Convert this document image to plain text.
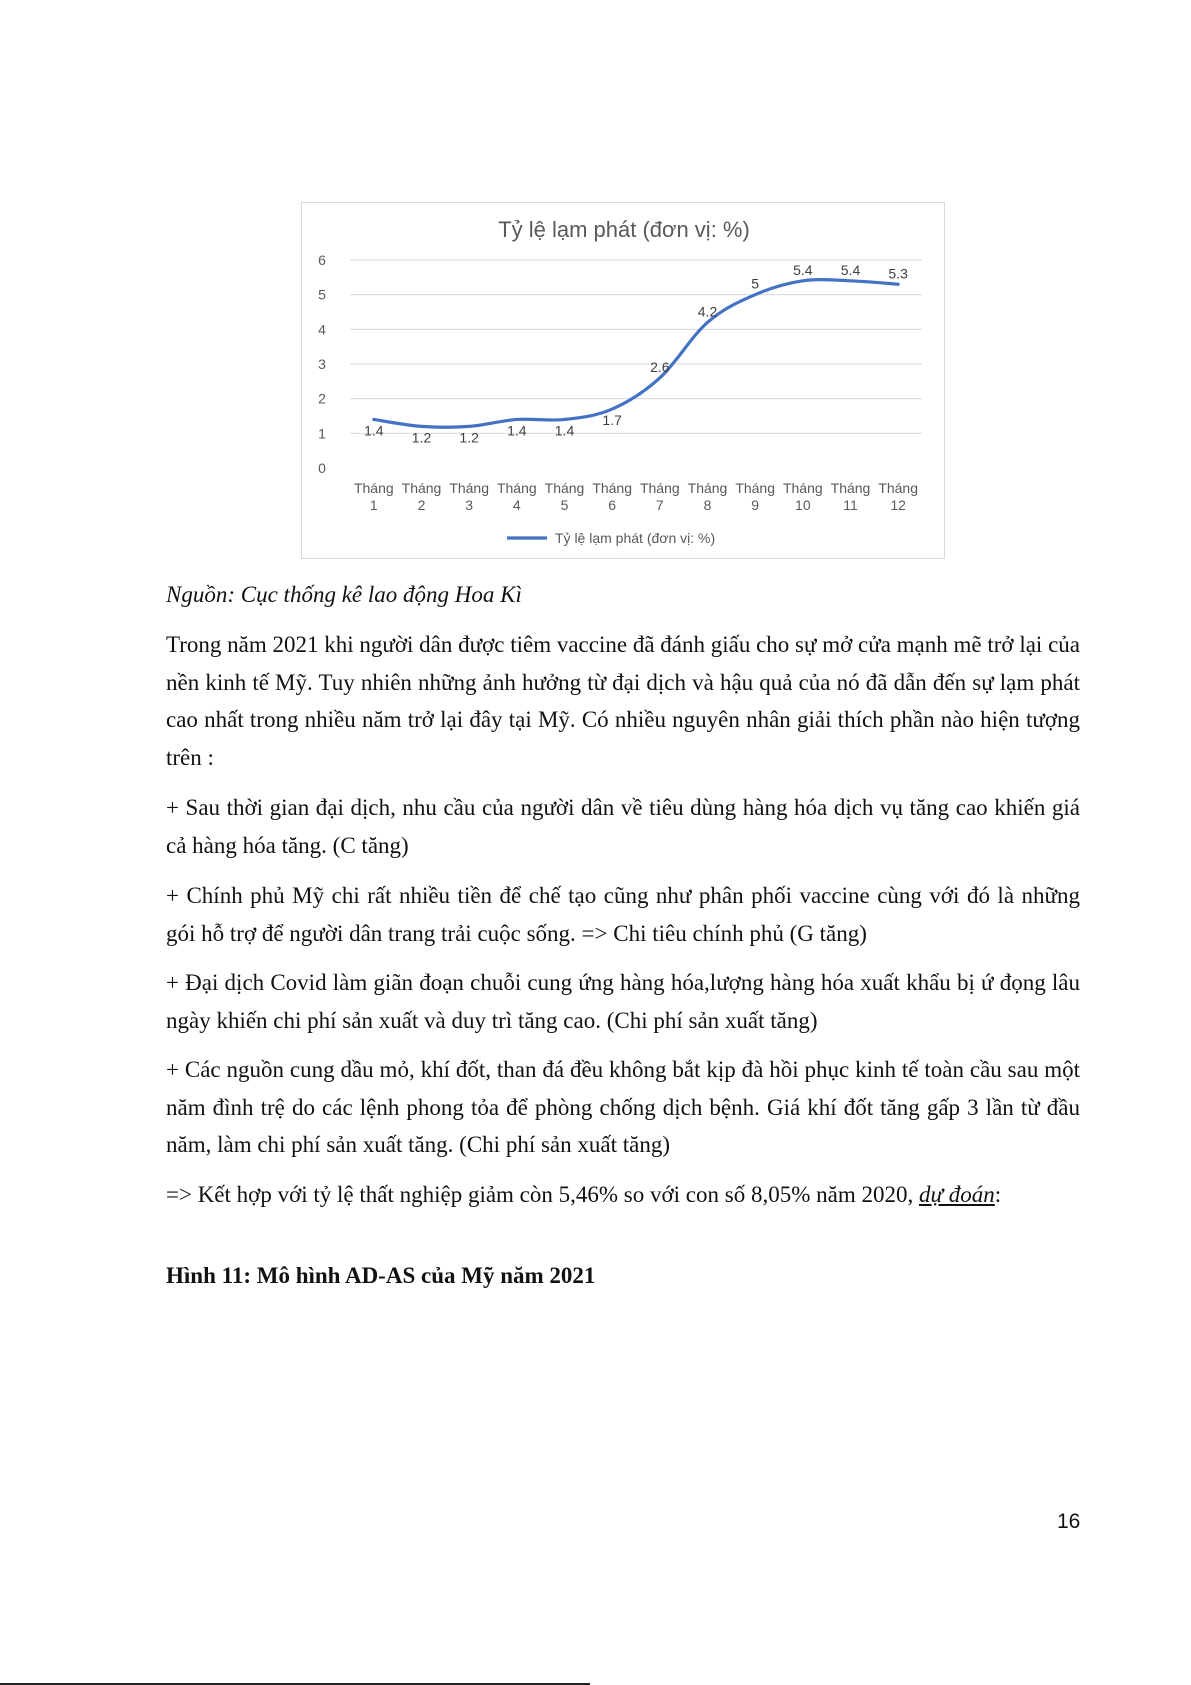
Tỷ lệ lạm phát (đơn vị: %)
0
1
2
3
4
5
6
Tháng
1
Tháng
2
Tháng
3
Tháng
4
Tháng
5
Tháng
6
Tháng
7
Tháng
8
Tháng
9
Tháng
10
Tháng
11
Tháng
12
1.4 1.2 1.2 1.4 1.4
1.7
2.6
4.2
5
5.4 5.4 5.3
Tỷ lệ lạm phát (đơn vị: %)
Nguồn: Cục thống kê lao động Hoa Kì

Trong năm 2021 khi người dân được tiêm vaccine đã đánh giấu cho sự mở cửa mạnh mẽ trở lại của nền kinh tế Mỹ. Tuy nhiên những ảnh hưởng từ đại dịch và hậu quả của nó đã dẫn đến sự lạm phát cao nhất trong nhiều năm trở lại đây tại Mỹ. Có nhiều nguyên nhân giải thích phần nào hiện tượng trên :

+ Sau thời gian đại dịch, nhu cầu của người dân về tiêu dùng hàng hóa dịch vụ tăng cao khiến giá cả hàng hóa tăng. (C tăng)

+ Chính phủ Mỹ chi rất nhiều tiền để chế tạo cũng như phân phối vaccine cùng với đó là những gói hỗ trợ để người dân trang trải cuộc sống. => Chi tiêu chính phủ (G tăng)

+ Đại dịch Covid làm giãn đoạn chuỗi cung ứng hàng hóa,lượng hàng hóa xuất khẩu bị ứ đọng lâu ngày khiến chi phí sản xuất và duy trì tăng cao. (Chi phí sản xuất tăng)

+ Các nguồn cung dầu mỏ, khí đốt, than đá đều không bắt kịp đà hồi phục kinh tế toàn cầu sau một năm đình trệ do các lệnh phong tỏa để phòng chống dịch bệnh. Giá khí đốt tăng gấp 3 lần từ đầu năm, làm chi phí sản xuất tăng. (Chi phí sản xuất tăng)

=> Kết hợp với tỷ lệ thất nghiệp giảm còn 5,46% so với con số 8,05% năm 2020, dự đoán:

Hình 11: Mô hình AD-AS của Mỹ năm 2021
16
